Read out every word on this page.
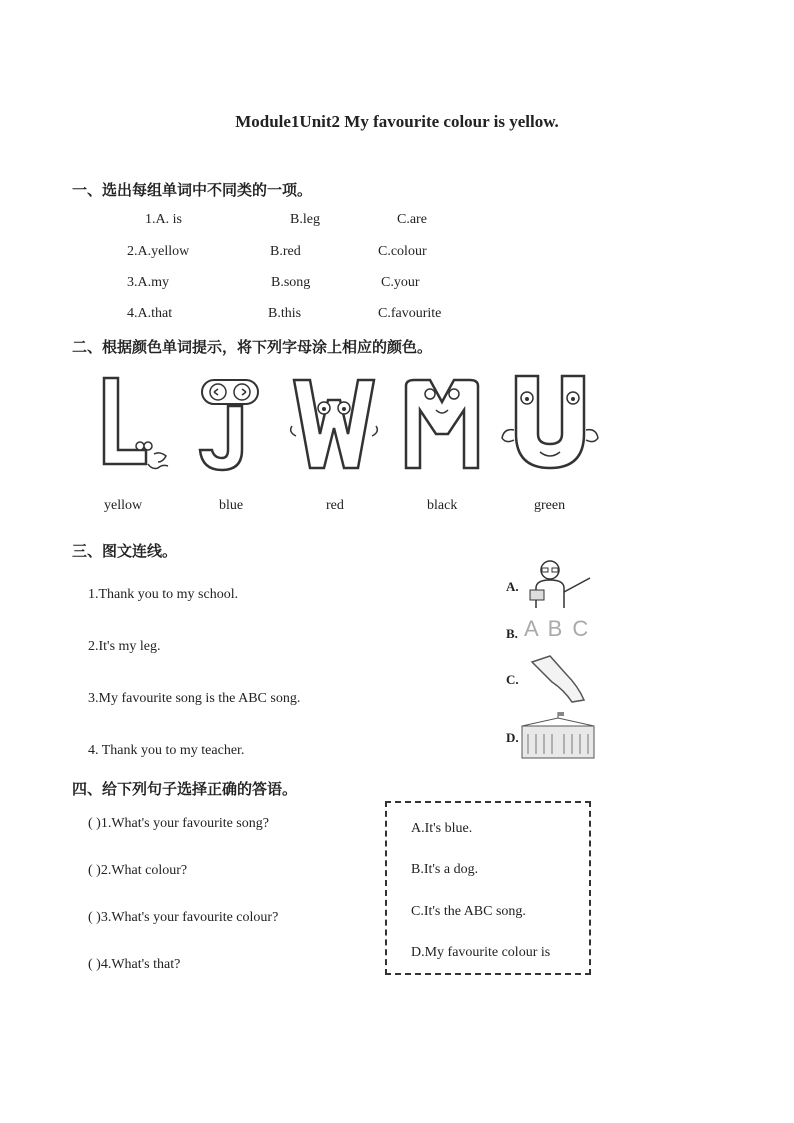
Module1Unit2 My favourite colour is yellow.
一、选出每组单词中不同类的一项。
1.A. is	B.leg	C.are
2.A.yellow	B.red	C.colour
3.A.my	B.song	C.your
4.A.that	B.this	C.favourite
二、根据颜色单词提示，将下列字母涂上相应的颜色。
yellow	blue	red	black	green
三、图文连线。
1.Thank you to my school.
2.It's my leg.
3.My favourite song is the ABC song.
4. Thank you to my teacher.
A.
B. A B C
C.
D.
四、给下列句子选择正确的答语。
( )1.What's your favourite song?
( )2.What colour?
( )3.What's your favourite colour?
( )4.What's that?
A.It's blue.
B.It's a dog.
C.It's the ABC song.
D.My favourite colour is
